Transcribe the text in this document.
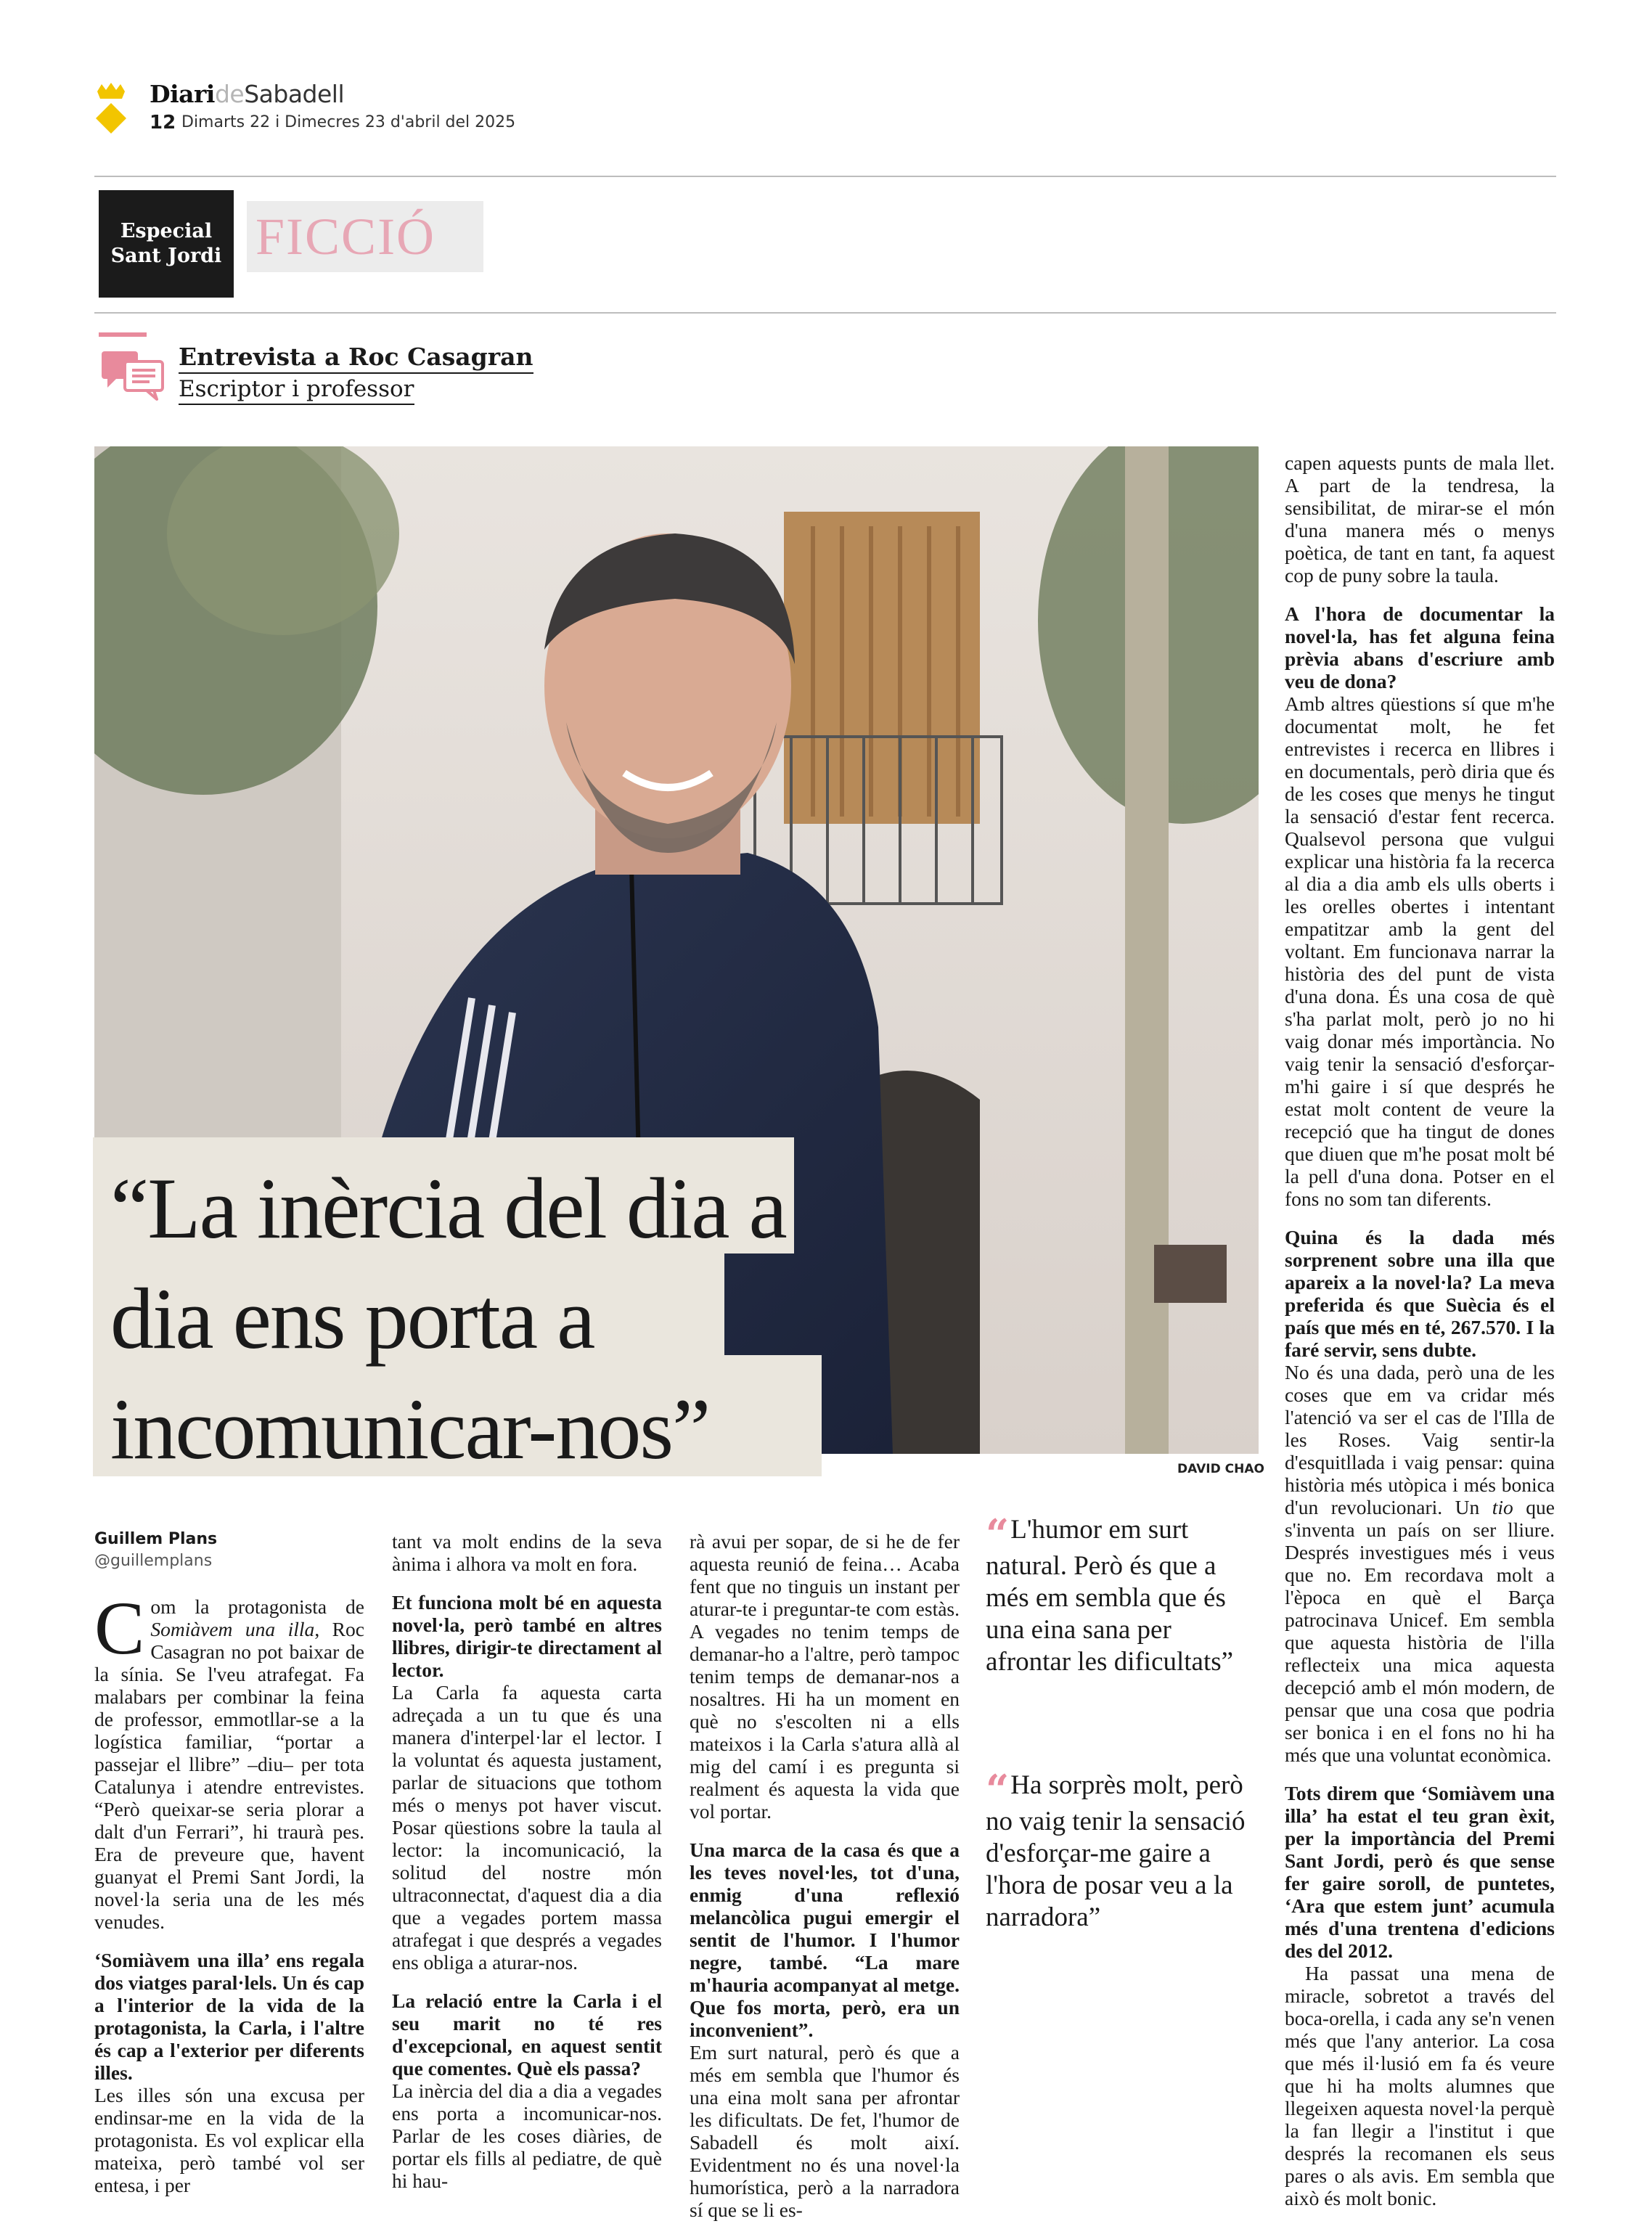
DiarideSabadell
12 Dimarts 22 i Dimecres 23 d'abril del 2025
Especial
Sant Jordi FICCIÓ
Entrevista a Roc Casagran
Escriptor i professor
“La inèrcia del dia a dia ens porta a incomunicar-nos”	DAVID CHAO
Guillem Plans
@guillemplans

Com la protagonista de Somiàvem una illa, Roc Casagran no pot baixar de la sínia. Se l'veu atrafegat. Fa malabars per combinar la feina de professor, emmotllar-se a la logística familiar, “portar a passejar el llibre” –diu– per tota Catalunya i atendre entrevistes. “Però queixar-se seria plorar a dalt d'un Ferrari”, hi traurà pes. Era de preveure que, havent guanyat el Premi Sant Jordi, la novel·la seria una de les més venudes.

‘Somiàvem una illa’ ens regala dos viatges paral·lels. Un és cap a l'interior de la vida de la protagonista, la Carla, i l'altre és cap a l'exterior per diferents illes.

Les illes són una excusa per endinsar-me en la vida de la protagonista. Es vol explicar ella mateixa, però també vol ser entesa, i per

tant va molt endins de la seva ànima i alhora va molt en fora.

Et funciona molt bé en aquesta novel·la, però també en altres llibres, dirigir-te directament al lector.

La Carla fa aquesta carta adreçada a un tu que és una manera d'interpel·lar el lector. I la voluntat és aquesta justament, parlar de situacions que tothom més o menys pot haver viscut. Posar qüestions sobre la taula al lector: la incomunicació, la solitud del nostre món ultraconnectat, d'aquest dia a dia que a vegades portem massa atrafegat i que després a vegades ens obliga a aturar-nos.

La relació entre la Carla i el seu marit no té res d'excepcional, en aquest sentit que comentes. Què els passa?

La inèrcia del dia a dia a vegades ens porta a incomunicar-nos. Parlar de les coses diàries, de portar els fills al pediatre, de què hi hau-

rà avui per sopar, de si he de fer aquesta reunió de feina… Acaba fent que no tinguis un instant per aturar-te i preguntar-te com estàs. A vegades no tenim temps de demanar-ho a l'altre, però tampoc tenim temps de demanar-nos a nosaltres. Hi ha un moment en què no s'escolten ni a ells mateixos i la Carla s'atura allà al mig del camí i es pregunta si realment és aquesta la vida que vol portar.

Una marca de la casa és que a les teves novel·les, tot d'una, enmig d'una reflexió melancòlica pugui emergir el sentit de l'humor. I l'humor negre, també. “La mare m'hauria acompanyat al metge. Que fos morta, però, era un inconvenient”.

Em surt natural, però és que a més em sembla que l'humor és una eina molt sana per afrontar les dificultats. De fet, l'humor de Sabadell és molt així. Evidentment no és una novel·la humorística, però a la narradora sí que se li es-

“ L'humor em surt natural. Però és que a més em sembla que és una eina sana per afrontar les dificultats”
“ Ha sorprès molt, però no vaig tenir la sensació d'esforçar-me gaire a l'hora de posar veu a la narradora”

capen aquests punts de mala llet. A part de la tendresa, la sensibilitat, de mirar-se el món d'una manera més o menys poètica, de tant en tant, fa aquest cop de puny sobre la taula.

A l'hora de documentar la novel·la, has fet alguna feina prèvia abans d'escriure amb veu de dona?

Amb altres qüestions sí que m'he documentat molt, he fet entrevistes i recerca en llibres i en documentals, però diria que és de les coses que menys he tingut la sensació d'estar fent recerca. Qualsevol persona que vulgui explicar una història fa la recerca al dia a dia amb els ulls oberts i les orelles obertes i intentant empatitzar amb la gent del voltant. Em funcionava narrar la història des del punt de vista d'una dona. És una cosa de què s'ha parlat molt, però jo no hi vaig donar més importància. No vaig tenir la sensació d'esforçar-m'hi gaire i sí que després he estat molt content de veure la recepció que ha tingut de dones que diuen que m'he posat molt bé la pell d'una dona. Potser en el fons no som tan diferents.

Quina és la dada més sorprenent sobre una illa que apareix a la novel·la? La meva preferida és que Suècia és el país que més en té, 267.570. I la faré servir, sens dubte.

No és una dada, però una de les coses que em va cridar més l'atenció va ser el cas de l'Illa de les Roses. Vaig sentir-la d'esquitllada i vaig pensar: quina història més utòpica i més bonica d'un revolucionari. Un tio que s'inventa un país on ser lliure. Després investigues més i veus que no. Em recordava molt a l'època en què el Barça patrocinava Unicef. Em sembla que aquesta història de l'illa reflecteix una mica aquesta decepció amb el món modern, de pensar que una cosa que podria ser bonica i en el fons no hi ha més que una voluntat econòmica.

Tots direm que ‘Somiàvem una illa’ ha estat el teu gran èxit, per la importància del Premi Sant Jordi, però és que sense fer gaire soroll, de puntetes, ‘Ara que estem junt’ acumula més d'una trentena d'edicions des del 2012.

Ha passat una mena de miracle, sobretot a través del boca-orella, i cada any se'n venen més que l'any anterior. La cosa que més il·lusió em fa és veure que hi ha molts alumnes que llegeixen aquesta novel·la perquè la fan llegir a l'institut i que després la recomanen els seus pares o als avis. Em sembla que això és molt bonic.
